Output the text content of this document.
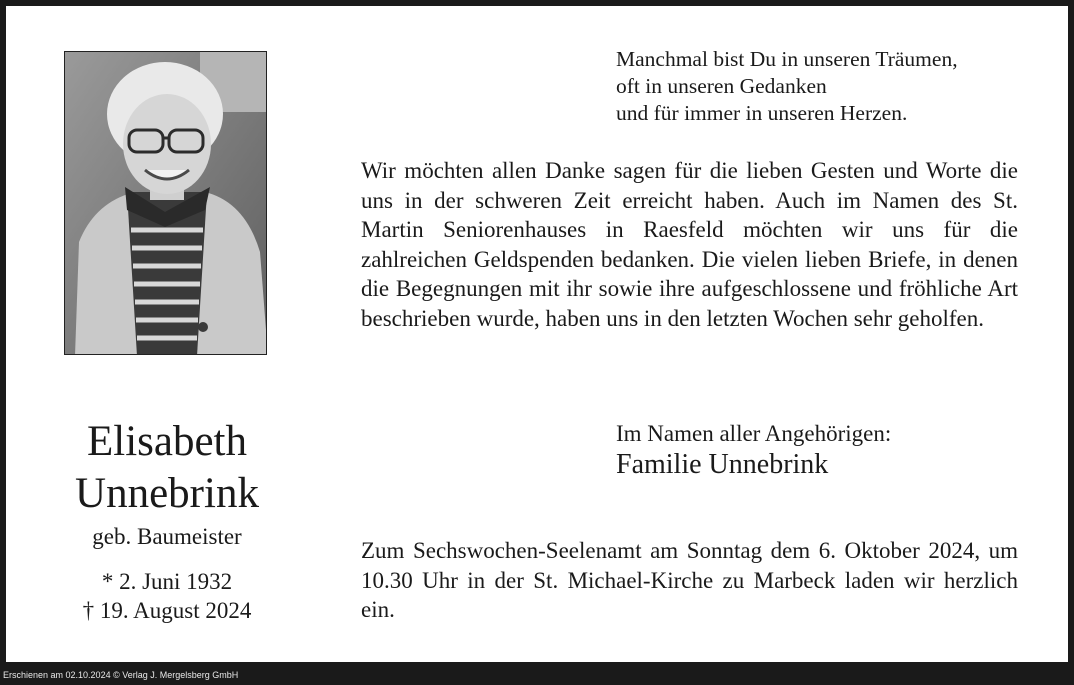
Manchmal bist Du in unseren Träumen,
oft in unseren Gedanken
und für immer in unseren Herzen.
Wir möchten allen Danke sagen für die lieben Gesten und Worte die uns in der schweren Zeit erreicht haben. Auch im Namen des St. Martin Seniorenhauses in Raesfeld möchten wir uns für die zahlreichen Geldspenden bedanken. Die vielen lieben Briefe, in denen die Begegnungen mit ihr sowie ihre aufgeschlossene und fröhliche Art beschrieben wurde, haben uns in den letzten Wochen sehr geholfen.
Elisabeth
Unnebrink
geb. Baumeister
* 2. Juni 1932
† 19. August 2024
Im Namen aller Angehörigen:
Familie Unnebrink
Zum Sechswochen-Seelenamt am Sonntag dem 6. Oktober 2024, um 10.30 Uhr in der St. Michael-Kirche zu Marbeck laden wir herzlich ein.
Erschienen am 02.10.2024 © Verlag J. Mergelsberg GmbH
